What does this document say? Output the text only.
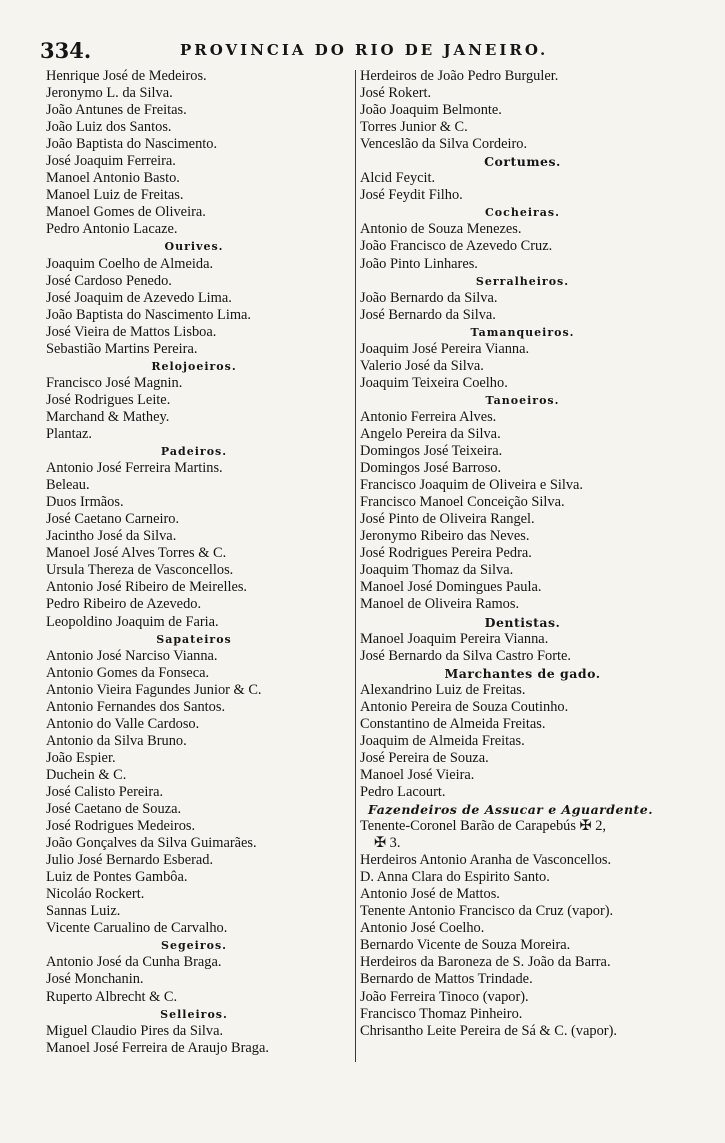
334.	PROVINCIA DO RIO DE JANEIRO.
Henrique José de Medeiros.
Jeronymo L. da Silva.
João Antunes de Freitas.
João Luiz dos Santos.
João Baptista do Nascimento.
José Joaquim Ferreira.
Manoel Antonio Basto.
Manoel Luiz de Freitas.
Manoel Gomes de Oliveira.
Pedro Antonio Lacaze.
Ourives.
Joaquim Coelho de Almeida.
José Cardoso Penedo.
José Joaquim de Azevedo Lima.
João Baptista do Nascimento Lima.
José Vieira de Mattos Lisboa.
Sebastião Martins Pereira.
Relojoeiros.
Francisco José Magnin.
José Rodrigues Leite.
Marchand & Mathey.
Plantaz.
Padeiros.
Antonio José Ferreira Martins.
Beleau.
Duos Irmãos.
José Caetano Carneiro.
Jacintho José da Silva.
Manoel José Alves Torres & C.
Ursula Thereza de Vasconcellos.
Antonio José Ribeiro de Meirelles.
Pedro Ribeiro de Azevedo.
Leopoldino Joaquim de Faria.
Sapateiros
Antonio José Narciso Vianna.
Antonio Gomes da Fonseca.
Antonio Vieira Fagundes Junior & C.
Antonio Fernandes dos Santos.
Antonio do Valle Cardoso.
Antonio da Silva Bruno.
João Espier.
Duchein & C.
José Calisto Pereira.
José Caetano de Souza.
José Rodrigues Medeiros.
João Gonçalves da Silva Guimarães.
Julio José Bernardo Esberad.
Luiz de Pontes Gambôa.
Nicoláo Rockert.
Sannas Luiz.
Vicente Carualino de Carvalho.
Segeiros.
Antonio José da Cunha Braga.
José Monchanin.
Ruperto Albrecht & C.
Selleiros.
Miguel Claudio Pires da Silva.
Manoel José Ferreira de Araujo Braga.
Herdeiros de João Pedro Burguler.
José Rokert.
João Joaquim Belmonte.
Torres Junior & C.
Venceslão da Silva Cordeiro.
Cortumes.
Alcid Feycit.
José Feydit Filho.
Cocheiras.
Antonio de Souza Menezes.
João Francisco de Azevedo Cruz.
João Pinto Linhares.
Serralheiros.
João Bernardo da Silva.
José Bernardo da Silva.
Tamanqueiros.
Joaquim José Pereira Vianna.
Valerio José da Silva.
Joaquim Teixeira Coelho.
Tanoeiros.
Antonio Ferreira Alves.
Angelo Pereira da Silva.
Domingos José Teixeira.
Domingos José Barroso.
Francisco Joaquim de Oliveira e Silva.
Francisco Manoel Conceição Silva.
José Pinto de Oliveira Rangel.
Jeronymo Ribeiro das Neves.
José Rodrigues Pereira Pedra.
Joaquim Thomaz da Silva.
Manoel José Domingues Paula.
Manoel de Oliveira Ramos.
Dentistas.
Manoel Joaquim Pereira Vianna.
José Bernardo da Silva Castro Forte.
Marchantes de gado.
Alexandrino Luiz de Freitas.
Antonio Pereira de Souza Coutinho.
Constantino de Almeida Freitas.
Joaquim de Almeida Freitas.
José Pereira de Souza.
Manoel José Vieira.
Pedro Lacourt.
Fazendeiros de Assucar e Aguardente.
Tenente-Coronel Barão de Carapebús ✠ 2,
✠ 3.
Herdeiros Antonio Aranha de Vasconcellos.
D. Anna Clara do Espirito Santo.
Antonio José de Mattos.
Tenente Antonio Francisco da Cruz (vapor).
Antonio José Coelho.
Bernardo Vicente de Souza Moreira.
Herdeiros da Baroneza de S. João da Barra.
Bernardo de Mattos Trindade.
João Ferreira Tinoco (vapor).
Francisco Thomaz Pinheiro.
Chrisantho Leite Pereira de Sá & C. (vapor).
